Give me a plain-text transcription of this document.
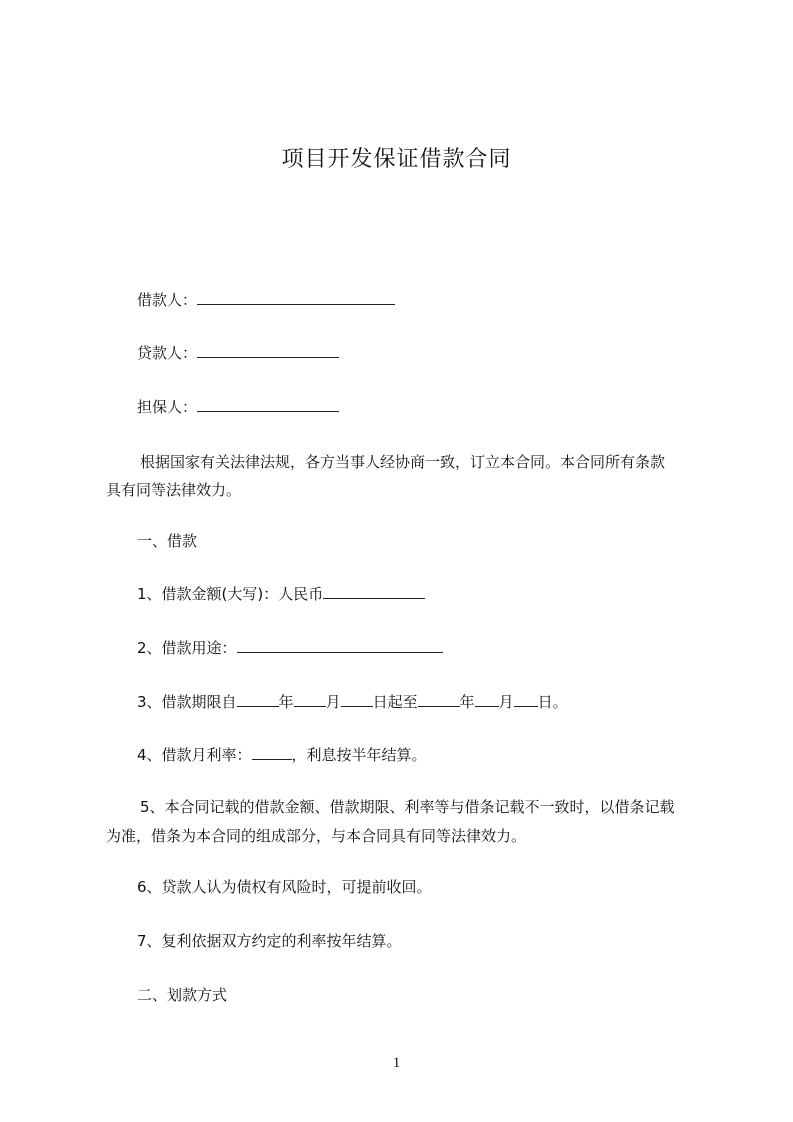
项目开发保证借款合同
借款人：
贷款人：
担保人：
根据国家有关法律法规，各方当事人经协商一致，订立本合同。本合同所有条款
具有同等法律效力。
一、借款
1、借款金额(大写)：人民币
2、借款用途：
3、借款期限自	年 月 日起至	年 月 日。
4、借款月利率：	，利息按半年结算。
5、本合同记载的借款金额、借款期限、利率等与借条记载不一致时，以借条记载
为准，借条为本合同的组成部分，与本合同具有同等法律效力。
6、贷款人认为债权有风险时，可提前收回。
7、复利依据双方约定的利率按年结算。
二、划款方式
1
